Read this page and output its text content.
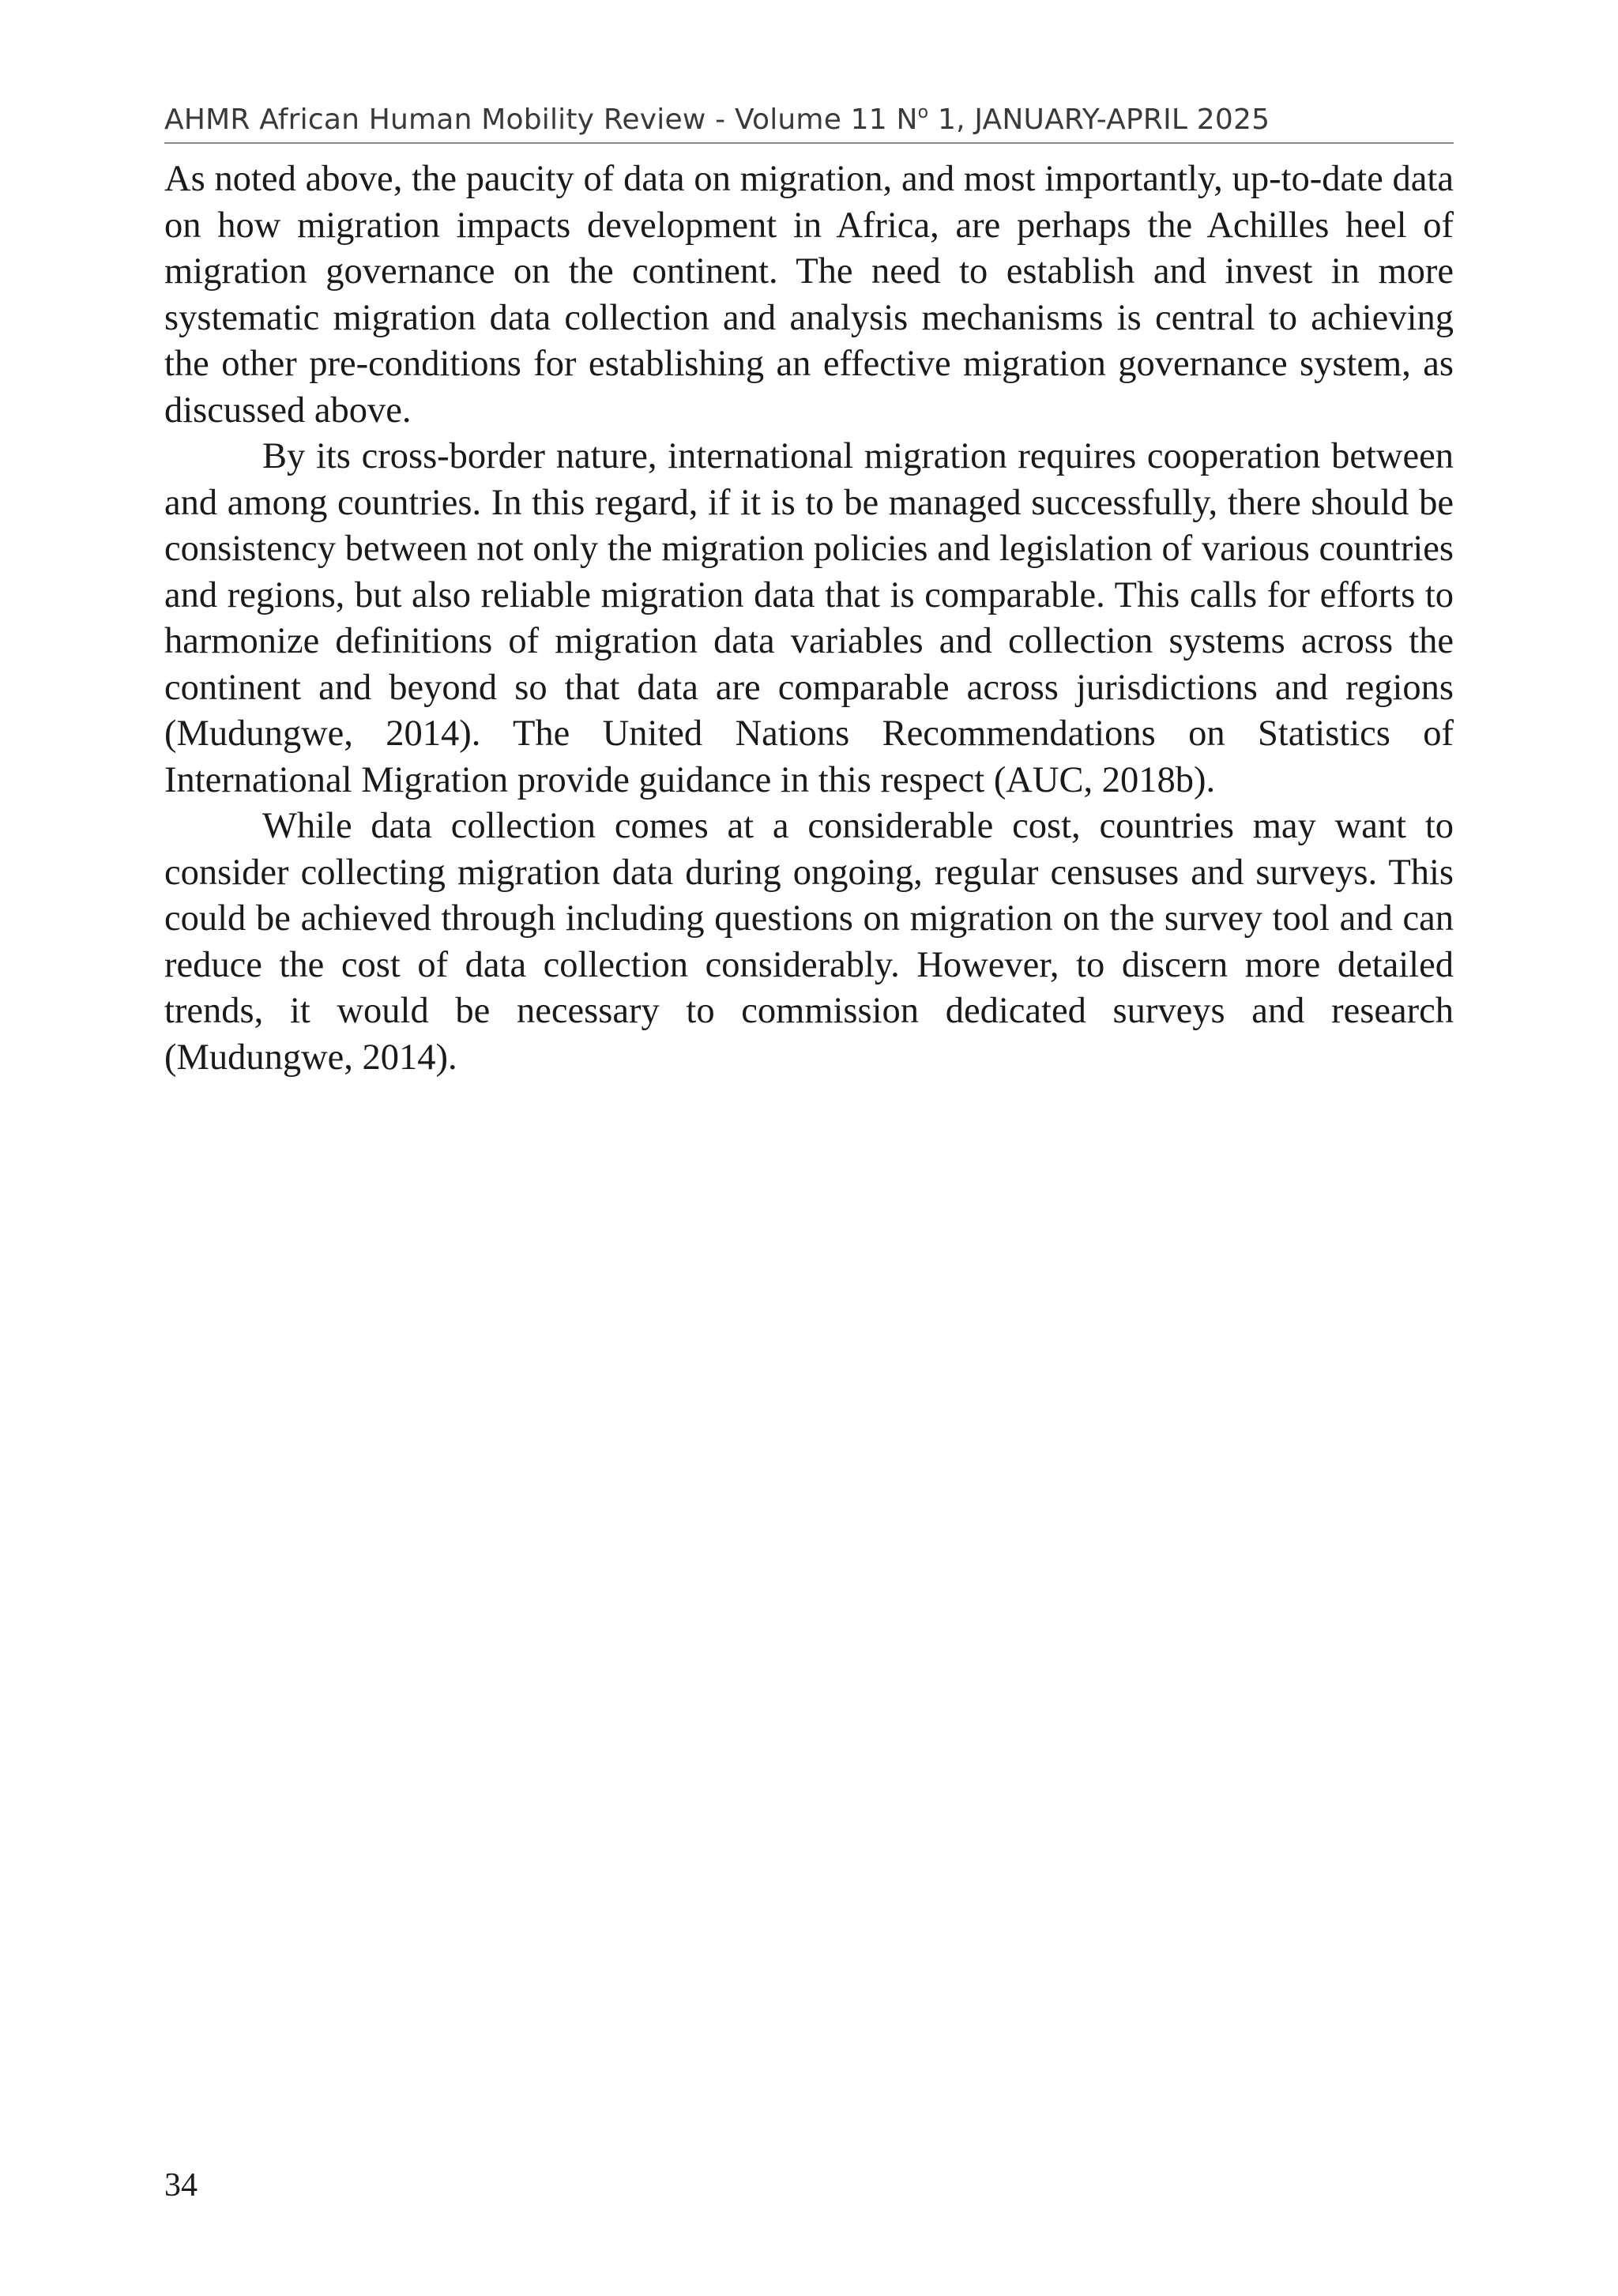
AHMR African Human Mobility Review - Volume 11 $N^o$ 1, JANUARY-APRIL 2025

As noted above, the paucity of data on migration, and most importantly, up-to-date data on how migration impacts development in Africa, are perhaps the Achilles heel of migration governance on the continent. The need to establish and invest in more systematic migration data collection and analysis mechanisms is central to achieving the other pre-conditions for establishing an effective migration governance system, as discussed above.

By its cross-border nature, international migration requires cooperation between and among countries. In this regard, if it is to be managed successfully, there should be consistency between not only the migration policies and legislation of various countries and regions, but also reliable migration data that is comparable. This calls for efforts to harmonize definitions of migration data variables and collection systems across the continent and beyond so that data are comparable across jurisdictions and regions (Mudungwe, 2014). The United Nations Recommendations on Statistics of International Migration provide guidance in this respect (AUC, 2018b).

While data collection comes at a considerable cost, countries may want to consider collecting migration data during ongoing, regular censuses and surveys. This could be achieved through including questions on migration on the survey tool and can reduce the cost of data collection considerably. However, to discern more detailed trends, it would be necessary to commission dedicated surveys and research (Mudungwe, 2014).

34
